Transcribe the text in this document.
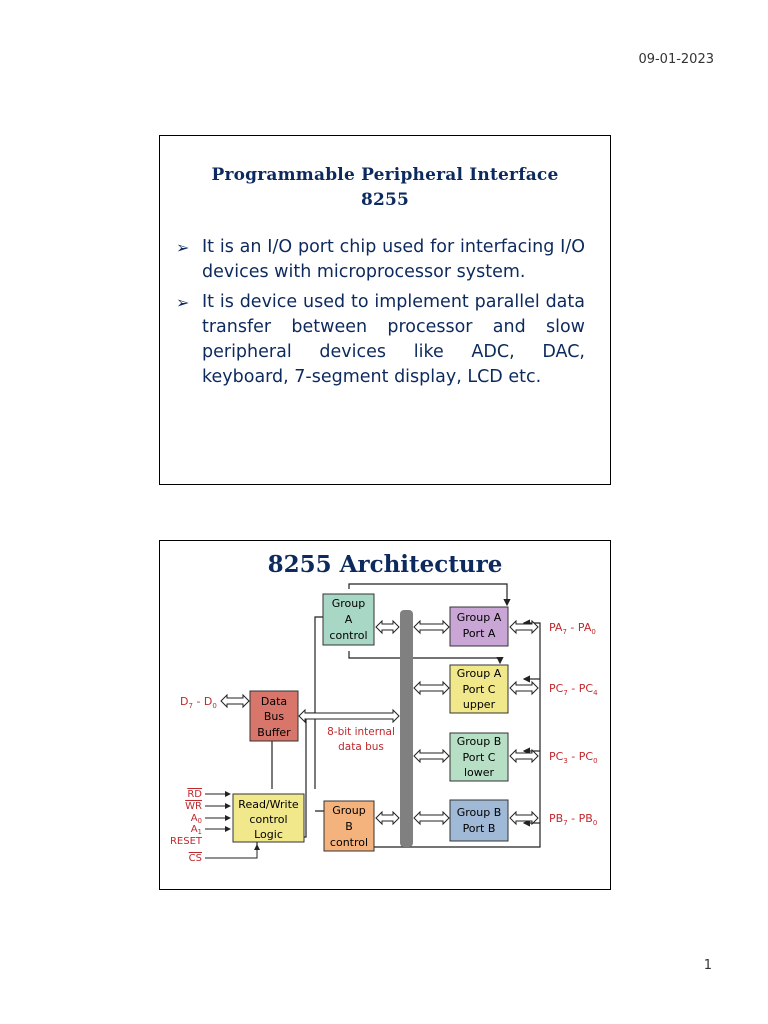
09-01-2023
Programmable Peripheral Interface
8255
➢ It is an I/O port chip used for interfacing I/O devices with microprocessor system.
➢ It is device used to implement parallel data transfer between processor and slow peripheral devices like ADC, DAC, keyboard, 7-segment display, LCD etc.
8255 Architecture
Group
A
control
Group A
Port A
Group A
Port C
upper
Group B
Port C
lower
Group
B
control
Group B
Port B
Data
Bus
Buffer
Read/Write
control
Logic
8-bit internal
data bus
$PA_7 - PA_0$
$PC_7 - PC_4$
$PC_3 - PC_0$
$PB_7 - PB_0$
$D_7 - D_0$
RD
WR
$A_0$
$A_1$
RESET
CS
1
